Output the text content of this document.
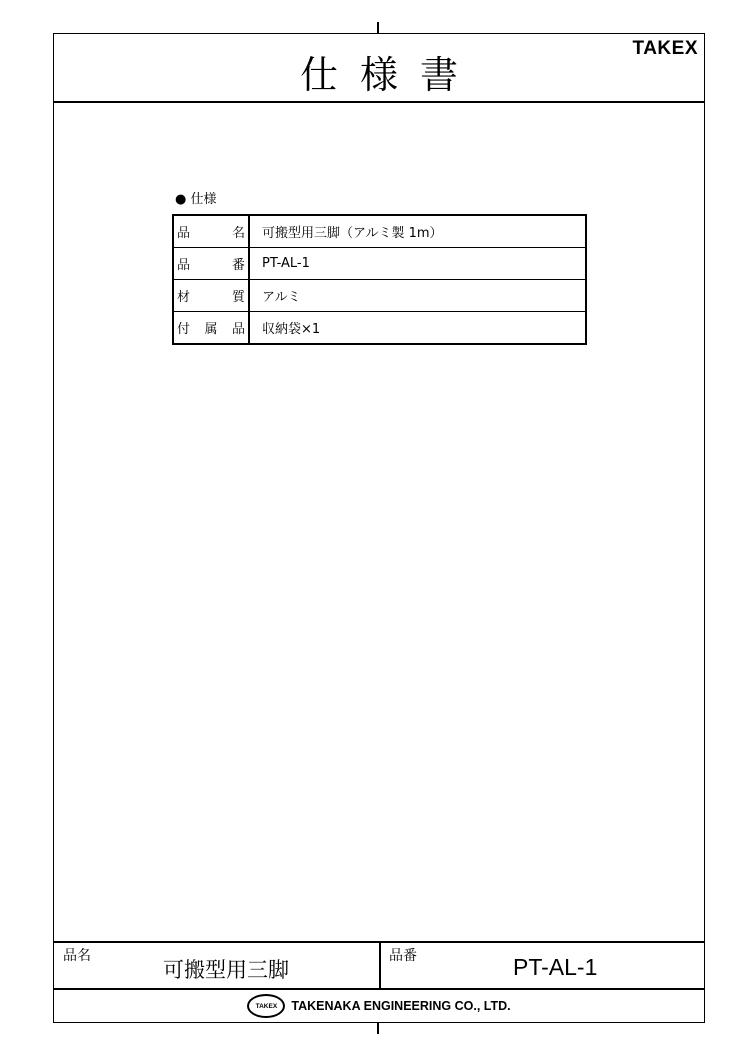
仕様書
TAKEX
● 仕様
品 名	可搬型用三脚（アルミ製 1m）

品 番	PT-AL-1

材 質	アルミ

付 属 品	収納袋×1
品名
可搬型用三脚
品番	PT-AL-1
TAKEX	TAKENAKA ENGINEERING CO., LTD.
